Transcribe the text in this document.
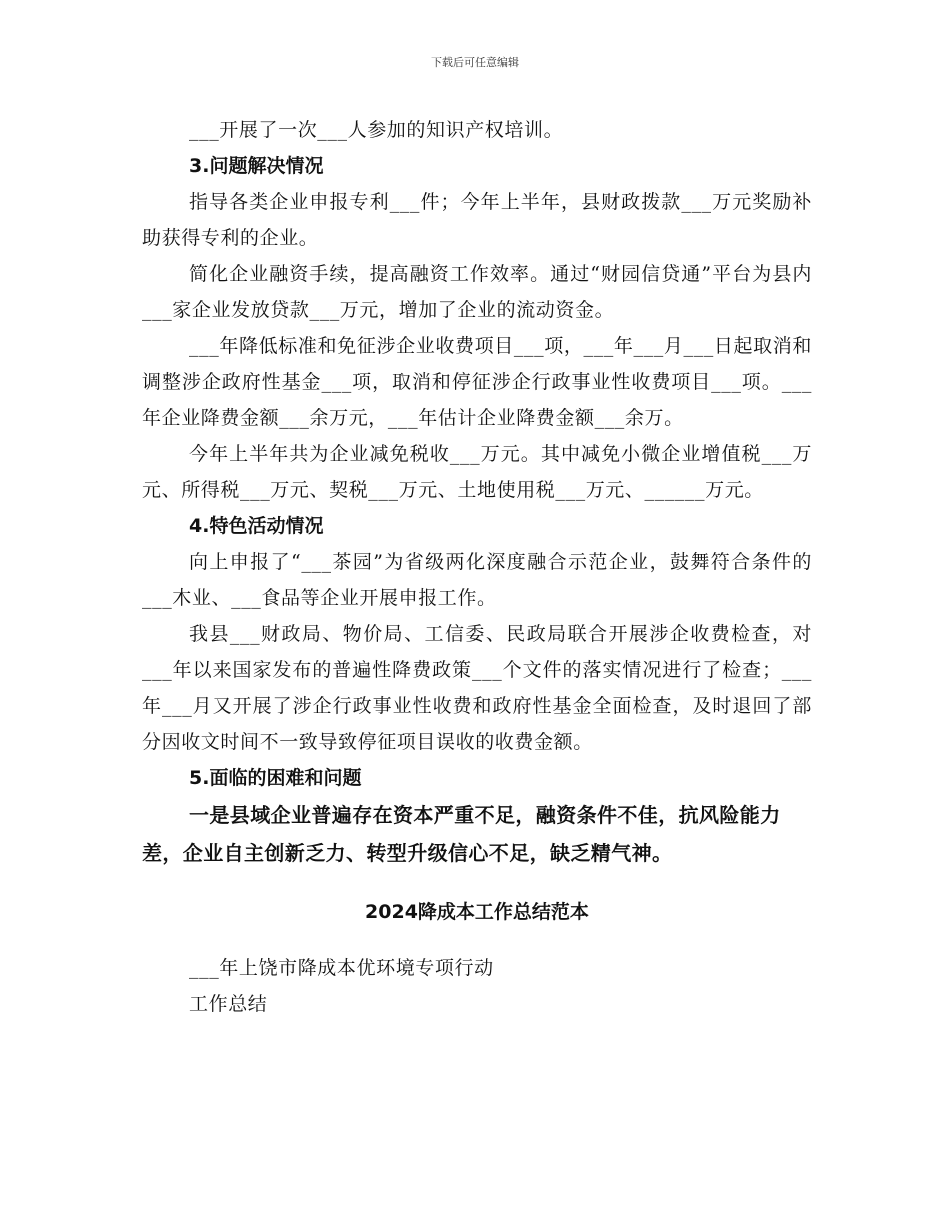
下载后可任意编辑

___开展了一次___人参加的知识产权培训。

3.问题解决情况

指导各类企业申报专利___件；今年上半年，县财政拨款___万元奖励补助获得专利的企业。

简化企业融资手续，提高融资工作效率。通过“财园信贷通”平台为县内___家企业发放贷款___万元，增加了企业的流动资金。

___年降低标准和免征涉企业收费项目___项，___年___月___日起取消和调整涉企政府性基金___项，取消和停征涉企行政事业性收费项目___项。___年企业降费金额___余万元，___年估计企业降费金额___余万。

今年上半年共为企业减免税收___万元。其中减免小微企业增值税___万元、所得税___万元、契税___万元、土地使用税___万元、______万元。

4.特色活动情况

向上申报了“___茶园”为省级两化深度融合示范企业，鼓舞符合条件的___木业、___食品等企业开展申报工作。

我县___财政局、物价局、工信委、民政局联合开展涉企收费检查，对___年以来国家发布的普遍性降费政策___个文件的落实情况进行了检查；___年___月又开展了涉企行政事业性收费和政府性基金全面检查，及时退回了部分因收文时间不一致导致停征项目误收的收费金额。

5.面临的困难和问题

一是县域企业普遍存在资本严重不足，融资条件不佳，抗风险能力差，企业自主创新乏力、转型升级信心不足，缺乏精气神。

2024降成本工作总结范本

___年上饶市降成本优环境专项行动

工作总结
